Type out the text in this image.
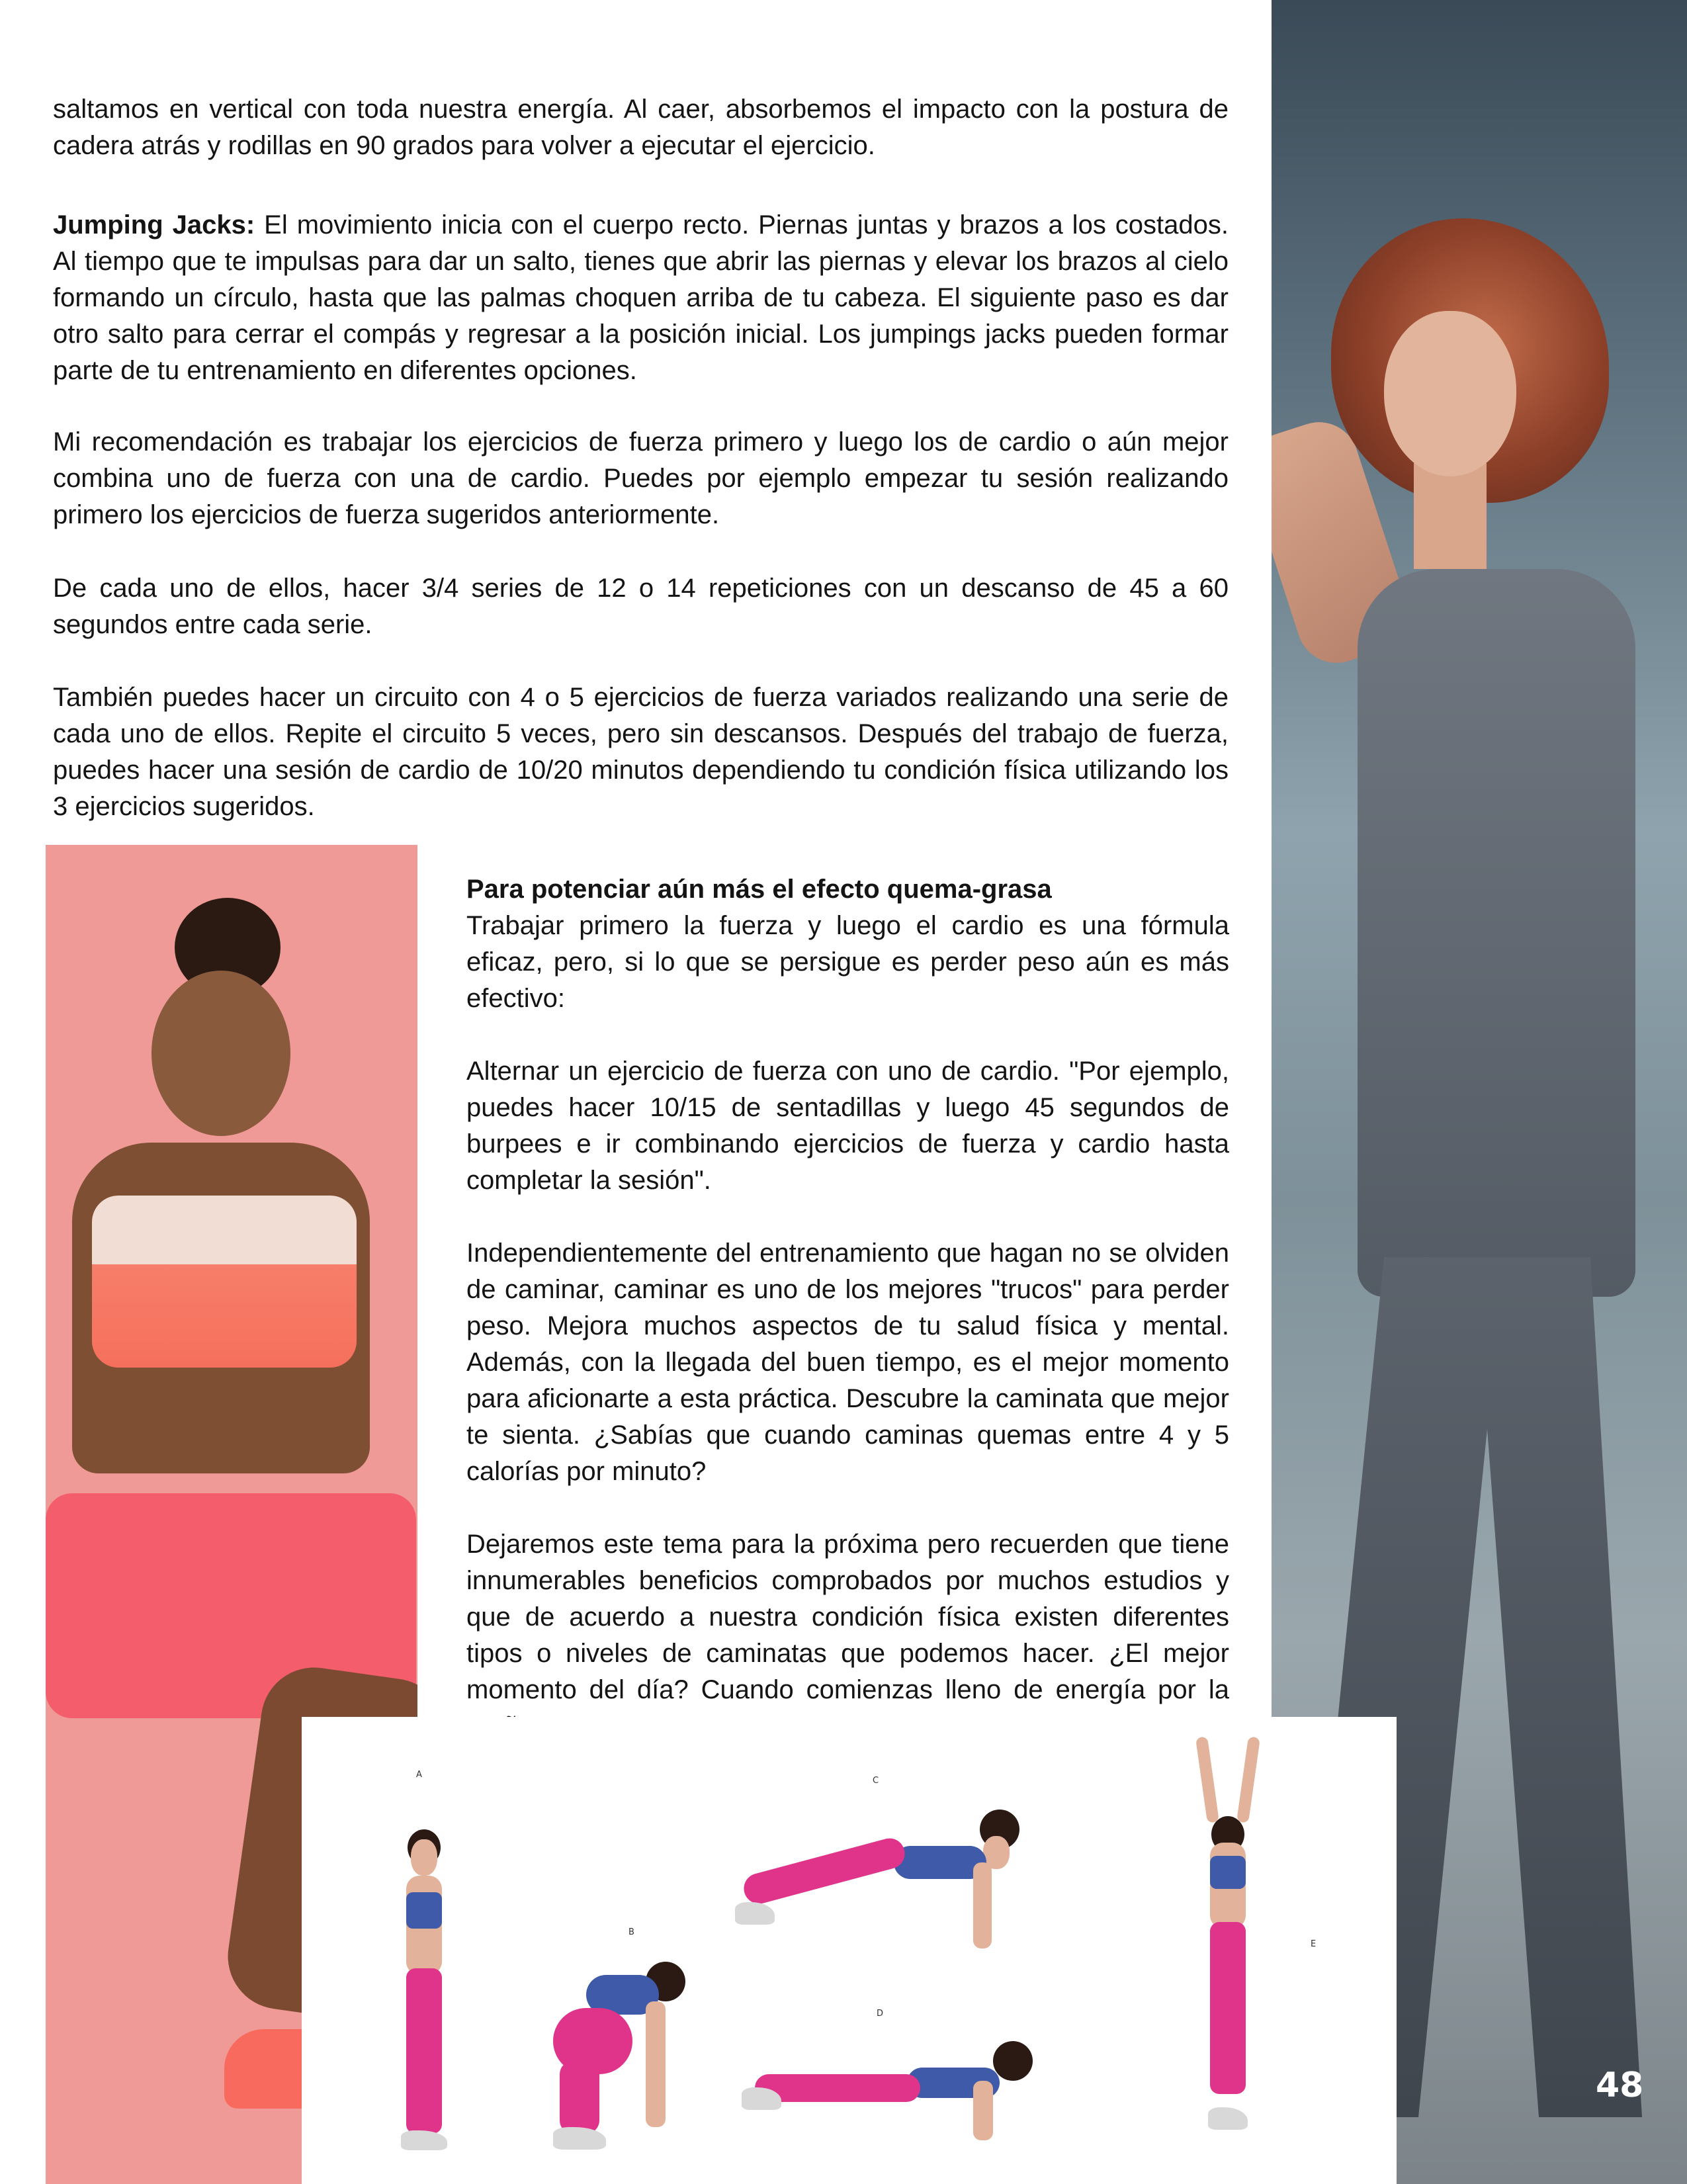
48

saltamos en vertical con toda nuestra energía. Al caer, absorbemos el impacto con la postura de cadera atrás y rodillas en 90 grados para volver a ejecutar el ejercicio.

Jumping Jacks: El movimiento inicia con el cuerpo recto. Piernas juntas y brazos a los costados. Al tiempo que te impulsas para dar un salto, tienes que abrir las piernas y elevar los brazos al cielo formando un círculo, hasta que las palmas choquen arriba de tu cabeza. El siguiente paso es dar otro salto para cerrar el compás y regresar a la posición inicial. Los jumpings jacks pueden formar parte de tu entrenamiento en diferentes opciones.

Mi recomendación es trabajar los ejercicios de fuerza primero y luego los de cardio o aún mejor combina uno de fuerza con una de cardio. Puedes por ejemplo empezar tu sesión realizando primero los ejercicios de fuerza sugeridos anteriormente.

De cada uno de ellos, hacer 3/4 series de 12 o 14 repeticiones con un descanso de 45 a 60 segundos entre cada serie.

También puedes hacer un circuito con 4 o 5 ejercicios de fuerza variados realizando una serie de cada uno de ellos. Repite el circuito 5 veces, pero sin descansos. Después del trabajo de fuerza, puedes hacer una sesión de cardio de 10/20 minutos dependiendo tu condición física utilizando los 3 ejercicios sugeridos.

Para potenciar aún más el efecto quema-grasa

Trabajar primero la fuerza y luego el cardio es una fórmula eficaz, pero, si lo que se persigue es perder peso aún es más efectivo:

Alternar un ejercicio de fuerza con uno de cardio. "Por ejemplo, puedes hacer 10/15 de sentadillas y luego 45 segundos de burpees e ir combinando ejercicios de fuerza y cardio hasta completar la sesión".

Independientemente del entrenamiento que hagan no se olviden de caminar, caminar es uno de los mejores "trucos" para perder peso. Mejora muchos aspectos de tu salud física y mental. Además, con la llegada del buen tiempo, es el mejor momento para aficionarte a esta práctica. Descubre la caminata que mejor te sienta. ¿Sabías que cuando caminas quemas entre 4 y 5 calorías por minuto?

Dejaremos este tema para la próxima pero recuerden que tiene innumerables beneficios comprobados por muchos estudios y que de acuerdo a nuestra condición física existen diferentes tipos o niveles de caminatas que podemos hacer. ¿El mejor momento del día? Cuando comienzas lleno de energía por la

A
B
C
D
E
